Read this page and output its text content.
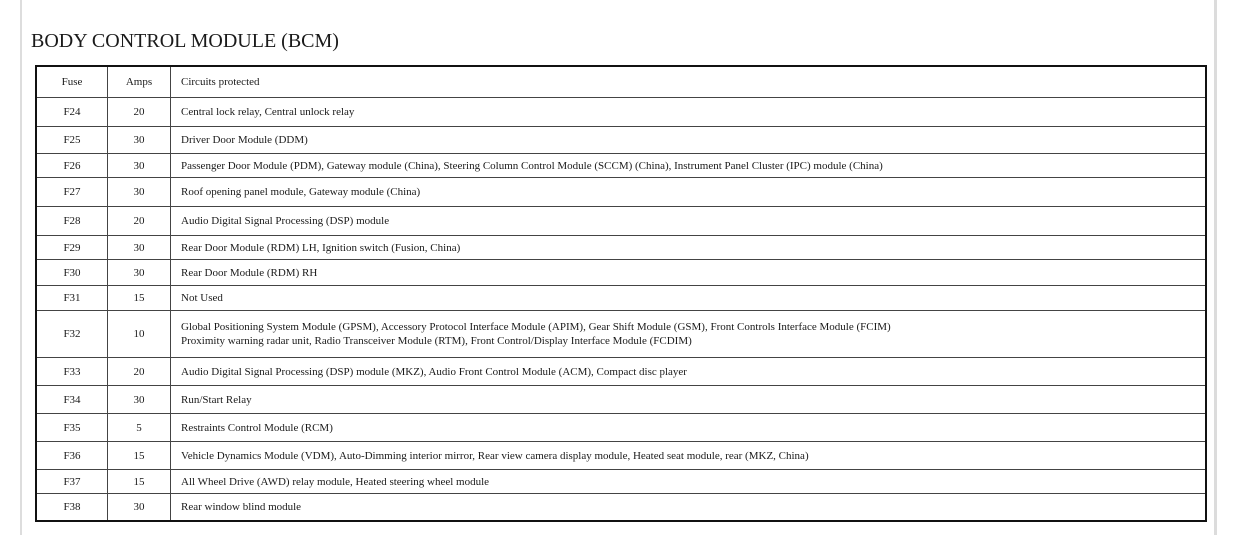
BODY CONTROL MODULE (BCM)
Fuse	Amps	Circuits protected
F24	20	Central lock relay, Central unlock relay

F25	30	Driver Door Module (DDM)

F26	30	Passenger Door Module (PDM), Gateway module (China), Steering Column Control Module (SCCM) (China), Instrument Panel Cluster (IPC) module (China)

F27	30	Roof opening panel module, Gateway module (China)

F28	20	Audio Digital Signal Processing (DSP) module

F29	30	Rear Door Module (RDM) LH, Ignition switch (Fusion, China)

F30	30	Rear Door Module (RDM) RH

F31	15	Not Used

F32	10	Global Positioning System Module (GPSM), Accessory Protocol Interface Module (APIM), Gear Shift Module (GSM), Front Controls Interface Module (FCIM)
Proximity warning radar unit, Radio Transceiver Module (RTM), Front Control/Display Interface Module (FCDIM)

F33	20	Audio Digital Signal Processing (DSP) module (MKZ), Audio Front Control Module (ACM), Compact disc player

F34	30	Run/Start Relay

F35	5	Restraints Control Module (RCM)

F36	15	Vehicle Dynamics Module (VDM), Auto-Dimming interior mirror, Rear view camera display module, Heated seat module, rear (MKZ, China)

F37	15	All Wheel Drive (AWD) relay module, Heated steering wheel module

F38	30	Rear window blind module
